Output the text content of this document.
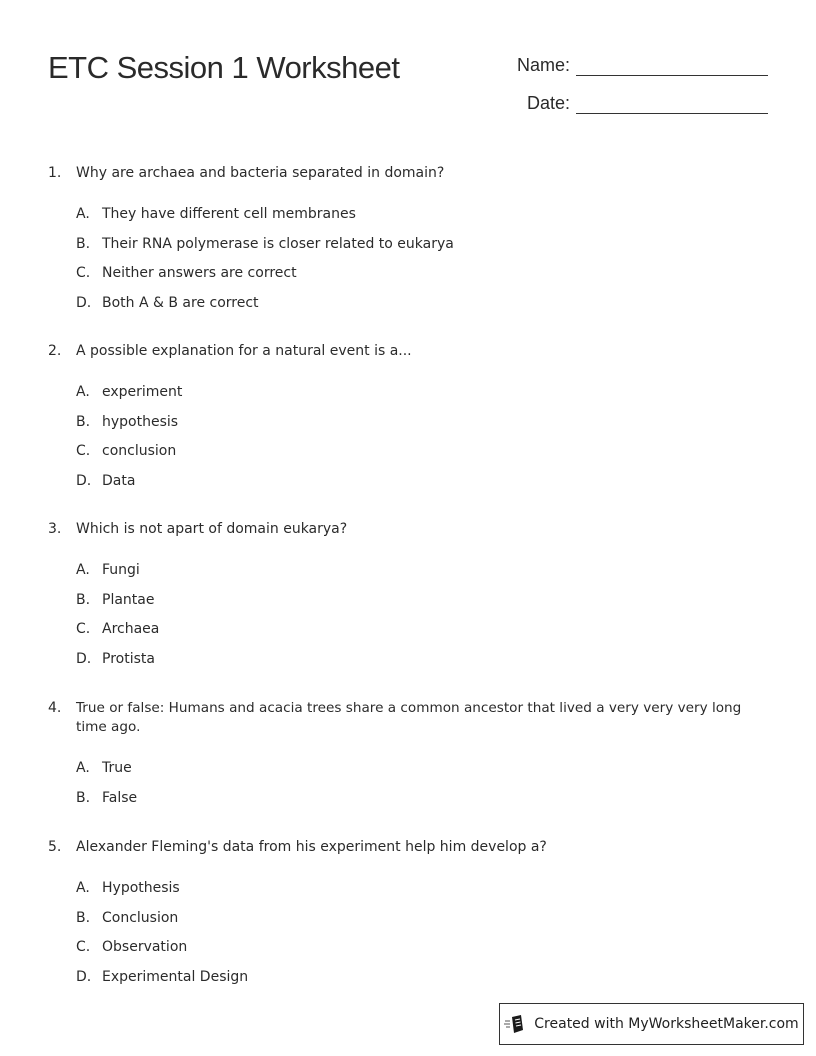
ETC Session 1 Worksheet	Name:
Date:
1.	Why are archaea and bacteria separated in domain?
A. They have different cell membranes
B. Their RNA polymerase is closer related to eukarya
C. Neither answers are correct
D. Both A & B are correct
2.	A possible explanation for a natural event is a...
A. experiment
B. hypothesis
C. conclusion
D. Data
3.	Which is not apart of domain eukarya?
A. Fungi
B. Plantae
C. Archaea
D. Protista
4.	True or false: Humans and acacia trees share a common ancestor that lived a very very very long time ago.
A. True
B. False
5.	Alexander Fleming's data from his experiment help him develop a?
A. Hypothesis
B. Conclusion
C. Observation
D. Experimental Design
Created with MyWorksheetMaker.com
